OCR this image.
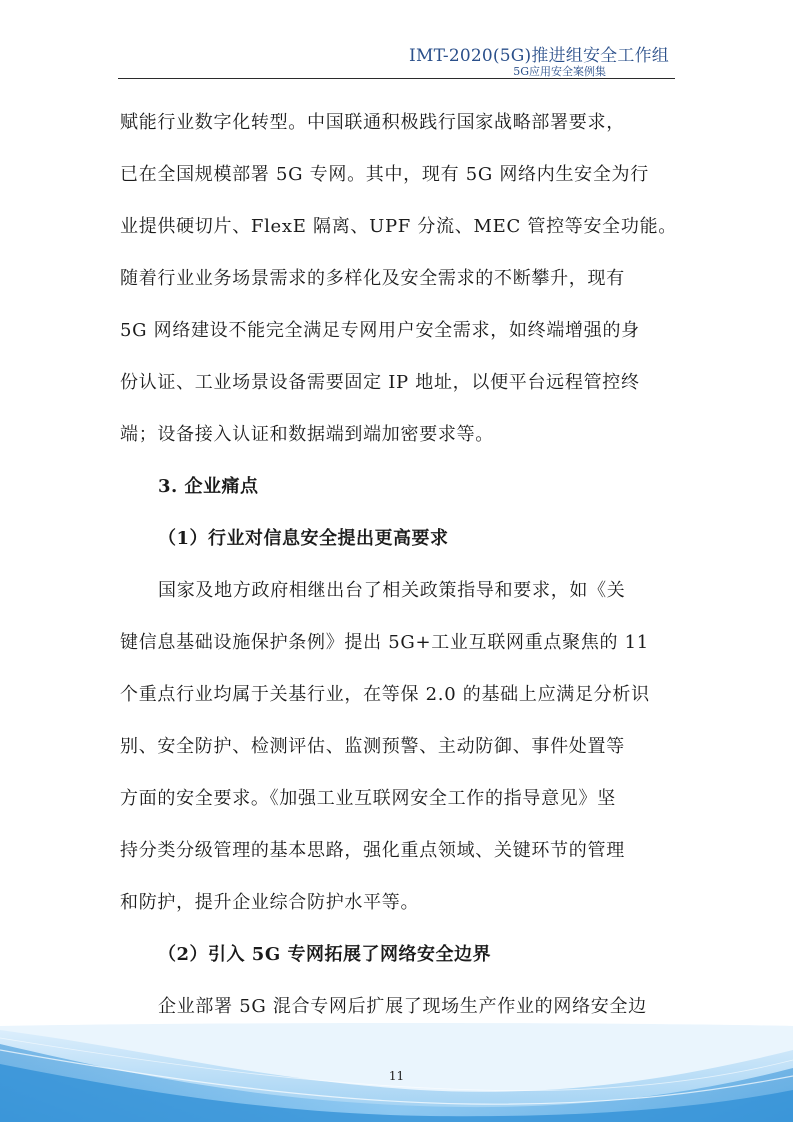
IMT-2020(5G)推进组安全工作组
5G应用安全案例集
赋能行业数字化转型。中国联通积极践行国家战略部署要求，
已在全国规模部署 5G 专网。其中，现有 5G 网络内生安全为行
业提供硬切片、FlexE 隔离、UPF 分流、MEC 管控等安全功能。
随着行业业务场景需求的多样化及安全需求的不断攀升，现有
5G 网络建设不能完全满足专网用户安全需求，如终端增强的身
份认证、工业场景设备需要固定 IP 地址，以便平台远程管控终
端；设备接入认证和数据端到端加密要求等。
3. 企业痛点
（1）行业对信息安全提出更高要求
国家及地方政府相继出台了相关政策指导和要求，如《关
键信息基础设施保护条例》提出 5G+工业互联网重点聚焦的 11
个重点行业均属于关基行业，在等保 2.0 的基础上应满足分析识
别、安全防护、检测评估、监测预警、主动防御、事件处置等
方面的安全要求。《加强工业互联网安全工作的指导意见》坚
持分类分级管理的基本思路，强化重点领域、关键环节的管理
和防护，提升企业综合防护水平等。
（2）引入 5G 专网拓展了网络安全边界
企业部署 5G 混合专网后扩展了现场生产作业的网络安全边
11
